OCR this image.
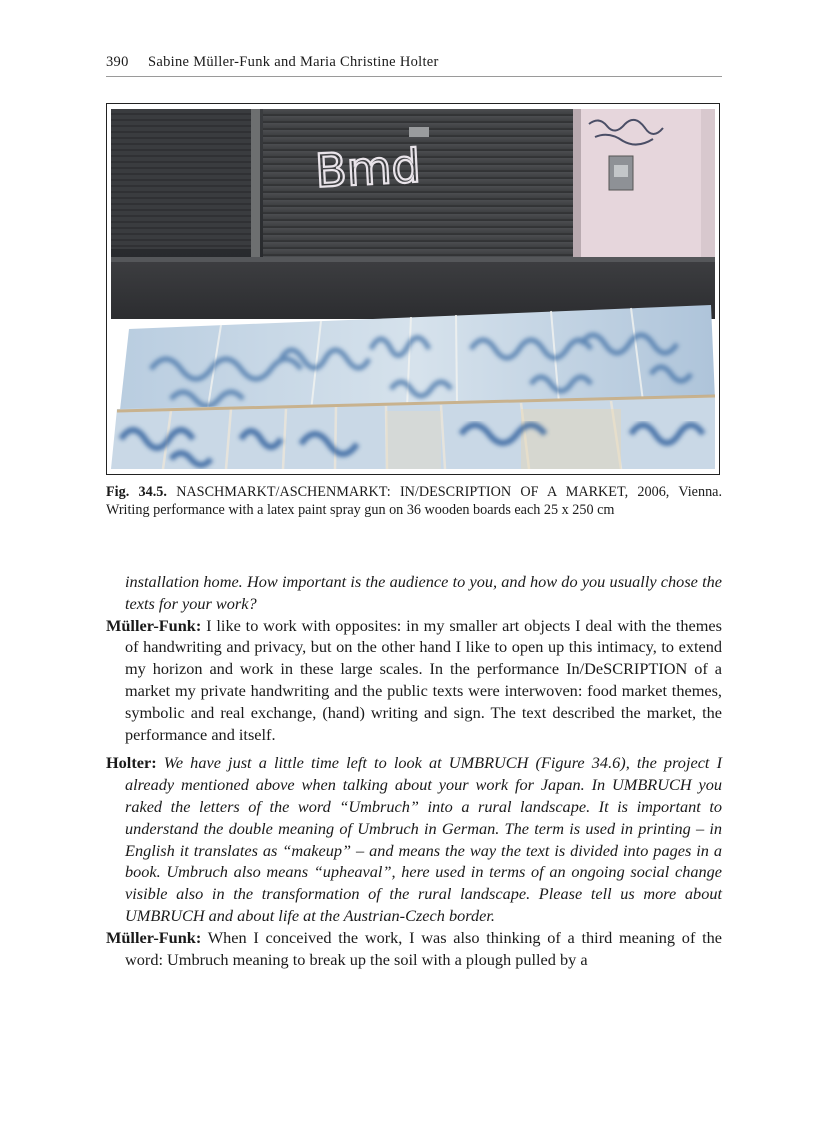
390 Sabine Müller-Funk and Maria Christine Holter
Bmd
Fig. 34.5. NASCHMARKT/ASCHENMARKT: IN/DESCRIPTION OF A MARKET, 2006, Vienna. Writing performance with a latex paint spray gun on 36 wooden boards each 25 x 250 cm

installation home. How important is the audience to you, and how do you usually chose the texts for your work?

Müller-Funk: I like to work with opposites: in my smaller art objects I deal with the themes of handwriting and privacy, but on the other hand I like to open up this intimacy, to extend my horizon and work in these large scales. In the performance In/DeSCRIPTION of a market my private handwriting and the public texts were interwoven: food market themes, symbolic and real exchange, (hand) writing and sign. The text described the market, the performance and itself.

Holter: We have just a little time left to look at UMBRUCH (Figure 34.6), the project I already mentioned above when talking about your work for Japan. In UMBRUCH you raked the letters of the word “Umbruch” into a rural landscape. It is important to understand the double meaning of Umbruch in German. The term is used in printing – in English it translates as “makeup” – and means the way the text is divided into pages in a book. Umbruch also means “upheaval”, here used in terms of an ongoing social change visible also in the transformation of the rural landscape. Please tell us more about UMBRUCH and about life at the Austrian-Czech border.

Müller-Funk: When I conceived the work, I was also thinking of a third meaning of the word: Umbruch meaning to break up the soil with a plough pulled by a
